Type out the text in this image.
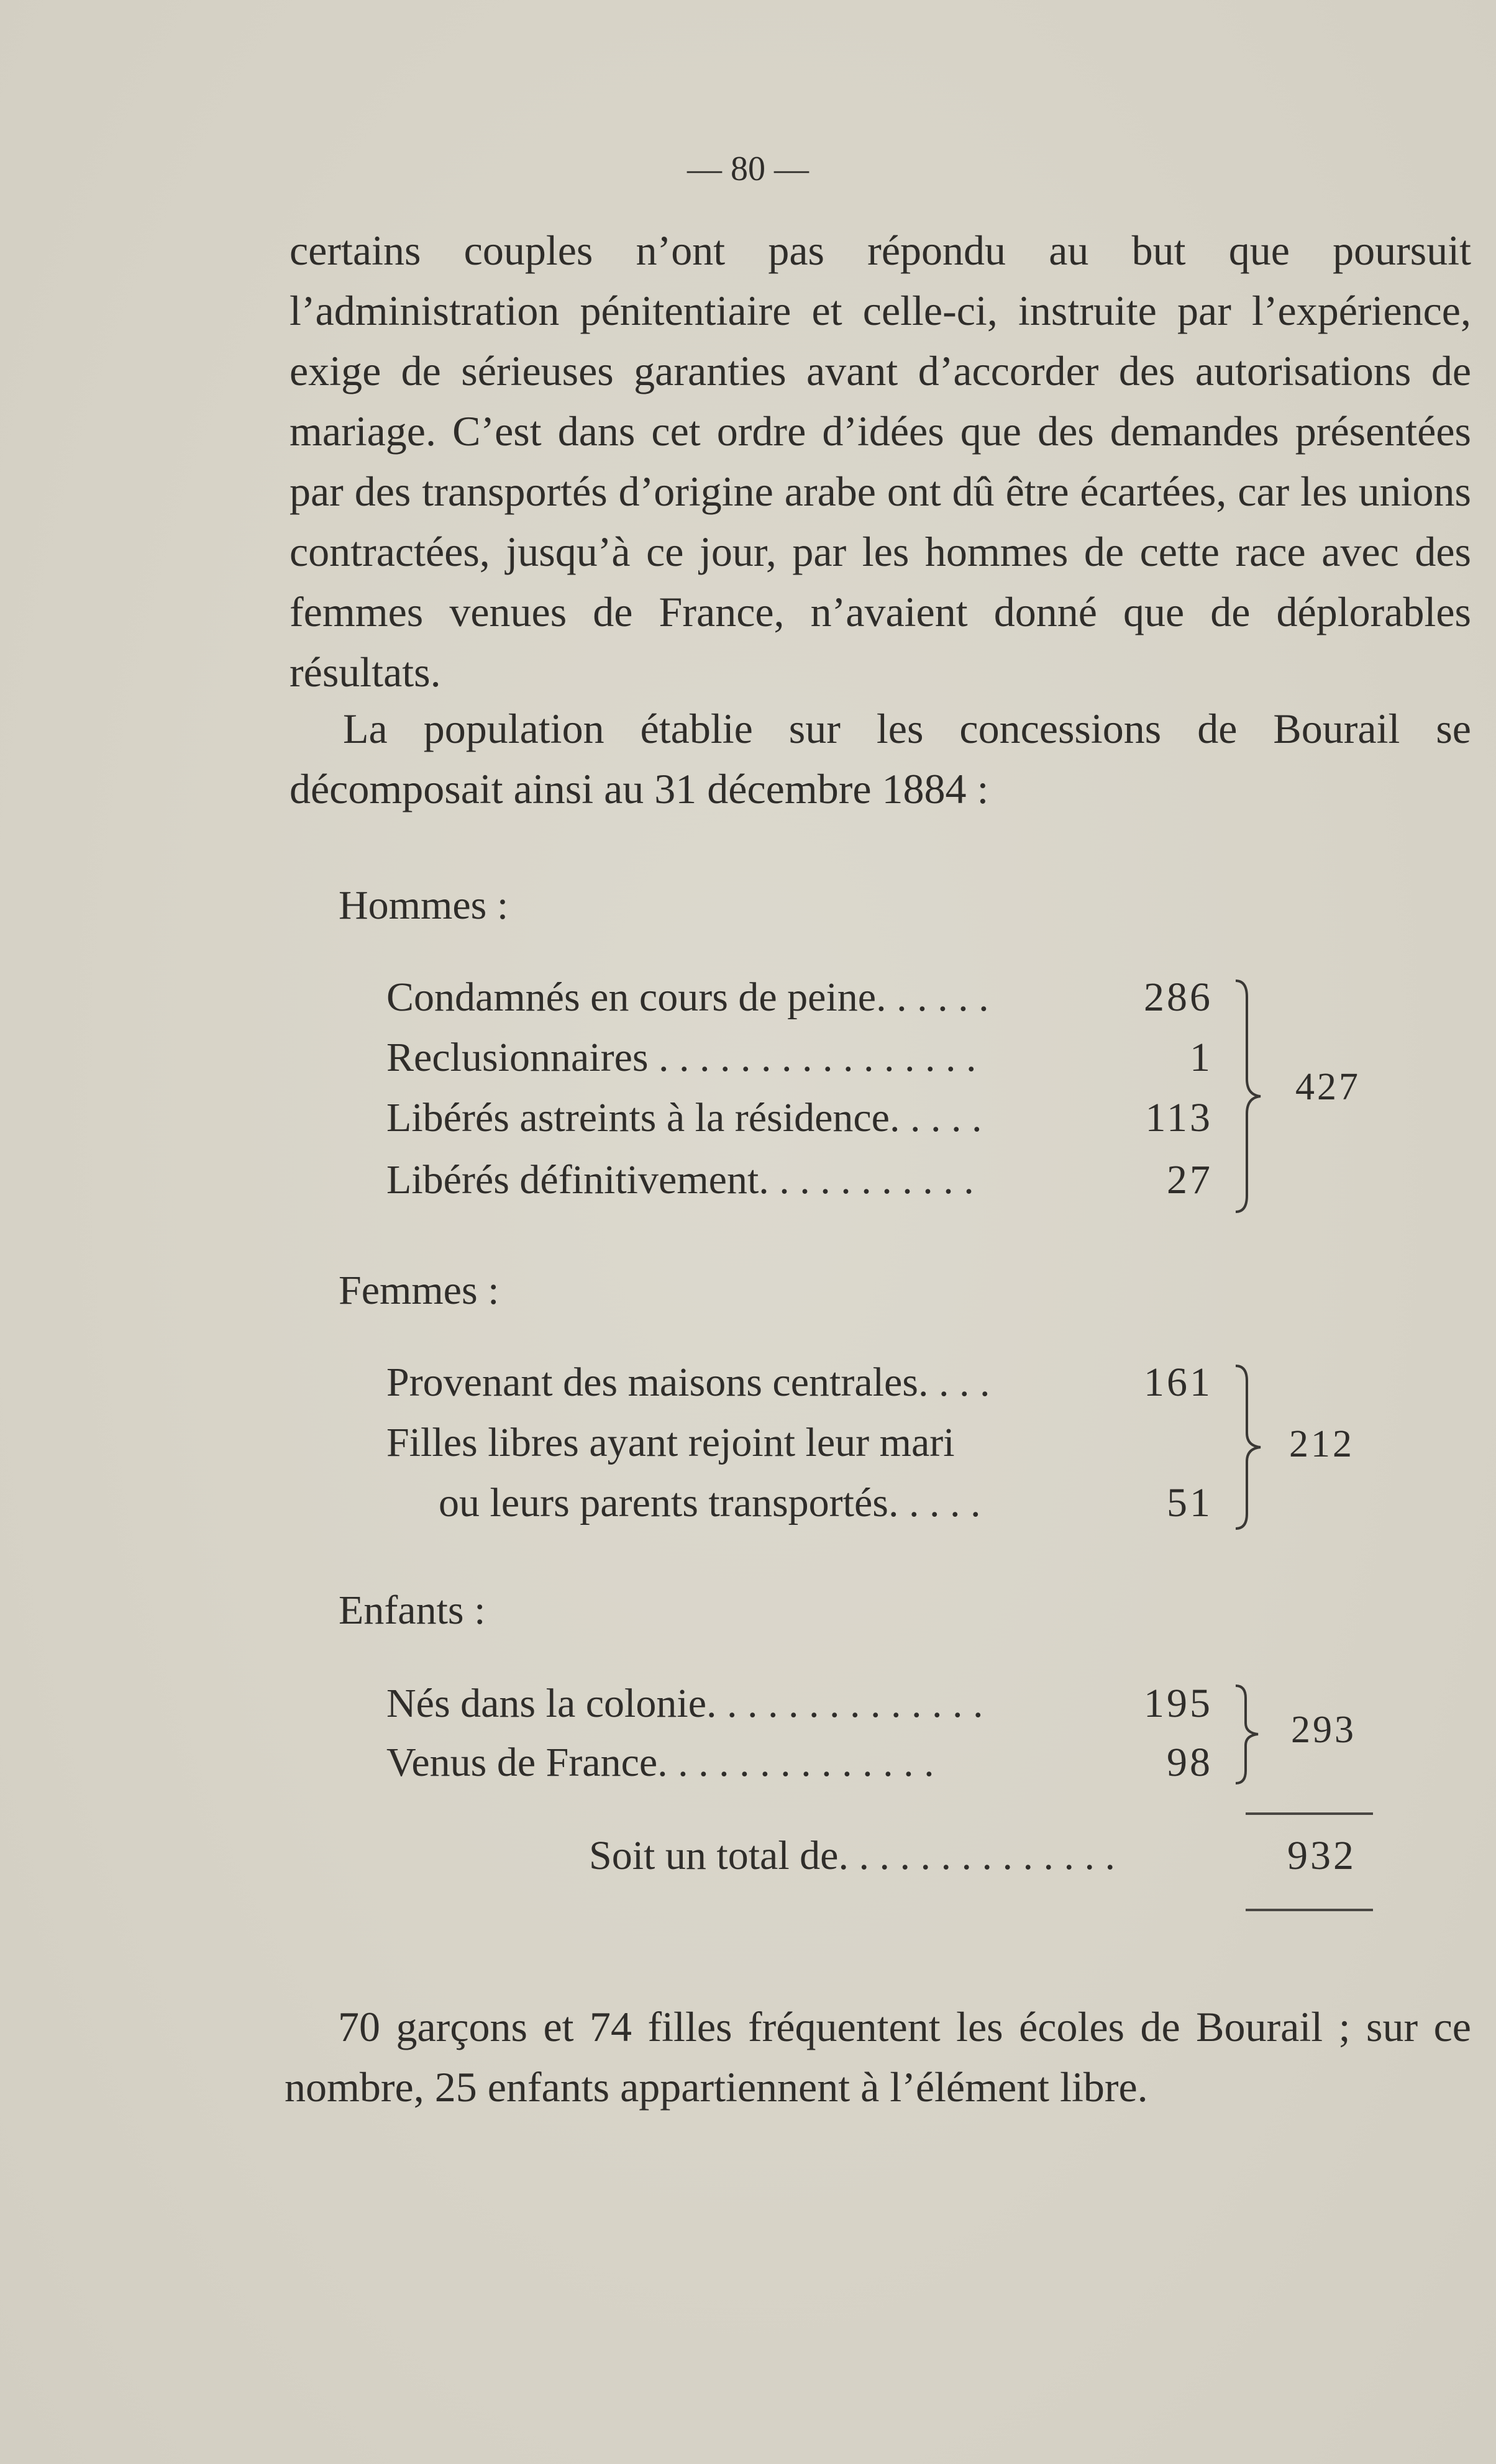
— 80 —

certains couples n’ont pas répondu au but que poursuit l’administration pénitentiaire et celle-ci, instruite par l’expérience, exige de sérieuses garanties avant d’accorder des autorisations de mariage. C’est dans cet ordre d’idées que des demandes présentées par des transportés d’origine arabe ont dû être écartées, car les unions contractées, jusqu’à ce jour, par les hommes de cette race avec des femmes venues de France, n’avaient donné que de déplorables résultats.

La population établie sur les concessions de Bourail se décomposait ainsi au 31 décembre 1884 :

Hommes :
Condamnés en cours de peine. . . . . .	286
Reclusionnaires . . . . . . . . . . . . . . . .	1
Libérés astreints à la résidence. . . . .	113
Libérés définitivement. . . . . . . . . . .	27
427
Femmes :
Provenant des maisons centrales. . . .	161
Filles libres ayant rejoint leur mari
ou leurs parents transportés. . . . .	51
212
Enfants :
Nés dans la colonie. . . . . . . . . . . . . .	195
Venus de France. . . . . . . . . . . . . .	98
293
Soit un total de. . . . . . . . . . . . . .	932

70 garçons et 74 filles fréquentent les écoles de Bourail ; sur ce nombre, 25 enfants appartiennent à l’élément libre.
